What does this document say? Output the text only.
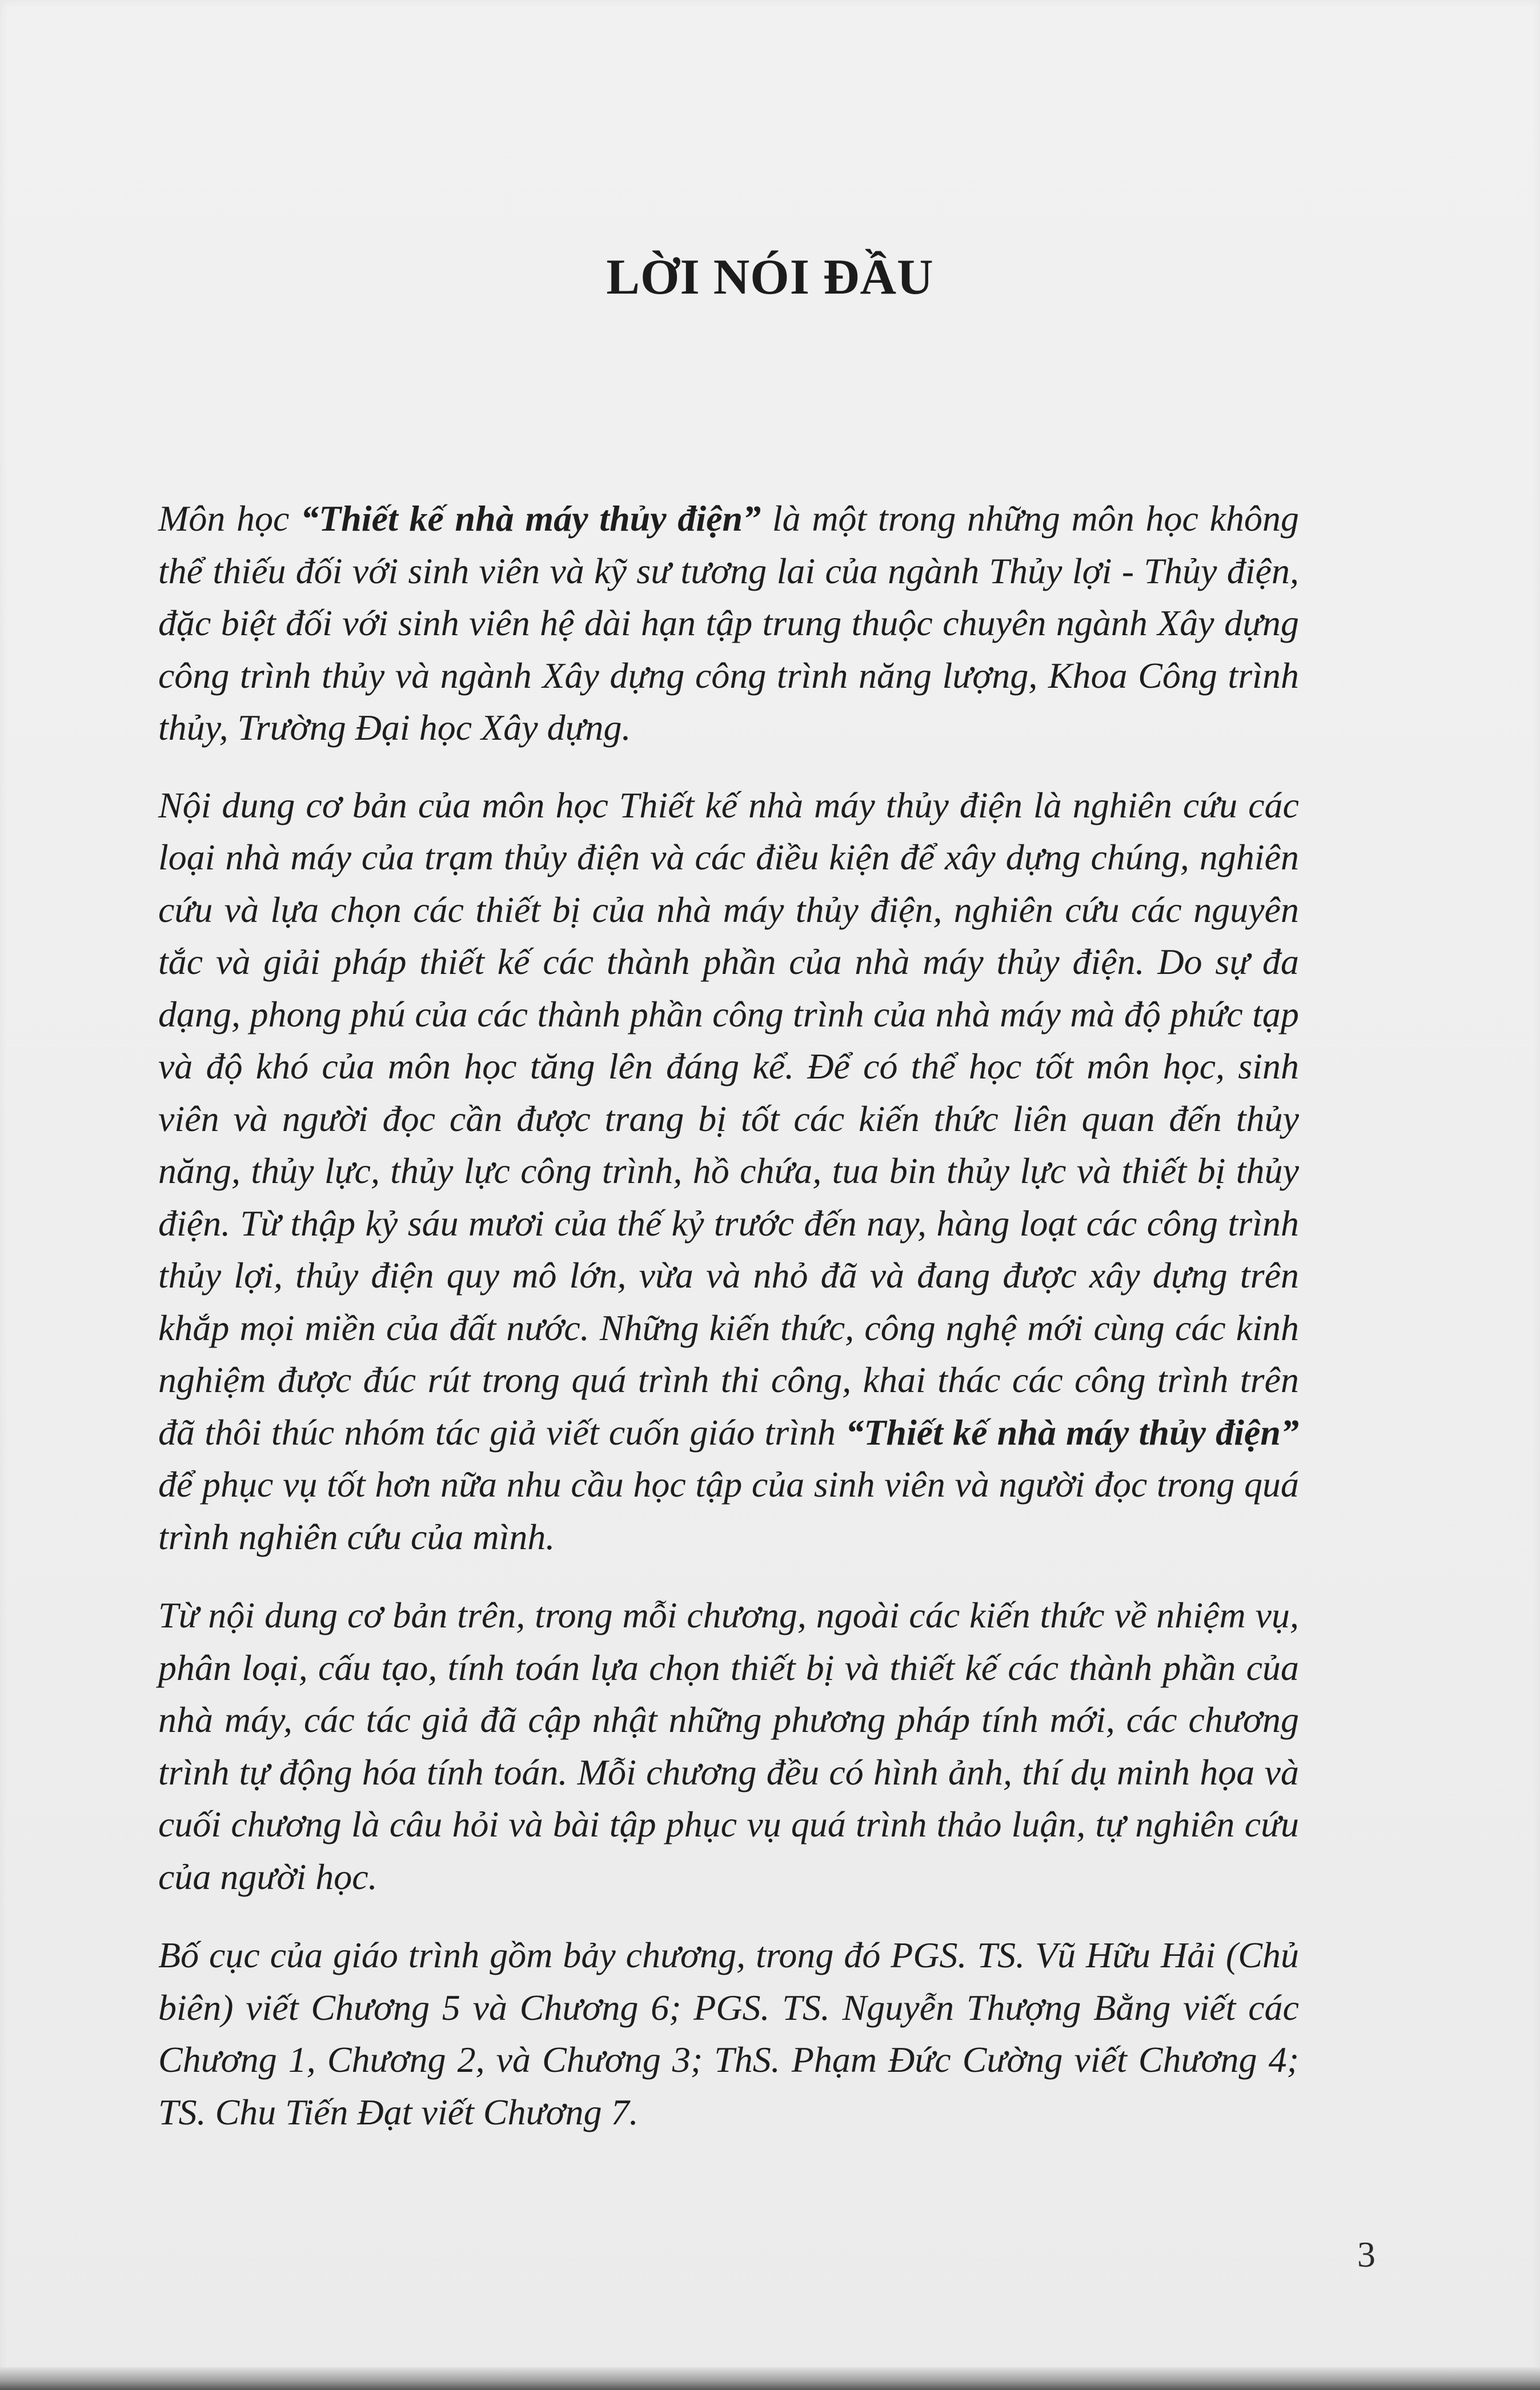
LỜI NÓI ĐẦU

Môn học “Thiết kế nhà máy thủy điện” là một trong những môn học không thể thiếu đối với sinh viên và kỹ sư tương lai của ngành Thủy lợi - Thủy điện, đặc biệt đối với sinh viên hệ dài hạn tập trung thuộc chuyên ngành Xây dựng công trình thủy và ngành Xây dựng công trình năng lượng, Khoa Công trình thủy, Trường Đại học Xây dựng.

Nội dung cơ bản của môn học Thiết kế nhà máy thủy điện là nghiên cứu các loại nhà máy của trạm thủy điện và các điều kiện để xây dựng chúng, nghiên cứu và lựa chọn các thiết bị của nhà máy thủy điện, nghiên cứu các nguyên tắc và giải pháp thiết kế các thành phần của nhà máy thủy điện. Do sự đa dạng, phong phú của các thành phần công trình của nhà máy mà độ phức tạp và độ khó của môn học tăng lên đáng kể. Để có thể học tốt môn học, sinh viên và người đọc cần được trang bị tốt các kiến thức liên quan đến thủy năng, thủy lực, thủy lực công trình, hồ chứa, tua bin thủy lực và thiết bị thủy điện. Từ thập kỷ sáu mươi của thế kỷ trước đến nay, hàng loạt các công trình thủy lợi, thủy điện quy mô lớn, vừa và nhỏ đã và đang được xây dựng trên khắp mọi miền của đất nước. Những kiến thức, công nghệ mới cùng các kinh nghiệm được đúc rút trong quá trình thi công, khai thác các công trình trên đã thôi thúc nhóm tác giả viết cuốn giáo trình “Thiết kế nhà máy thủy điện” để phục vụ tốt hơn nữa nhu cầu học tập của sinh viên và người đọc trong quá trình nghiên cứu của mình.

Từ nội dung cơ bản trên, trong mỗi chương, ngoài các kiến thức về nhiệm vụ, phân loại, cấu tạo, tính toán lựa chọn thiết bị và thiết kế các thành phần của nhà máy, các tác giả đã cập nhật những phương pháp tính mới, các chương trình tự động hóa tính toán. Mỗi chương đều có hình ảnh, thí dụ minh họa và cuối chương là câu hỏi và bài tập phục vụ quá trình thảo luận, tự nghiên cứu của người học.

Bố cục của giáo trình gồm bảy chương, trong đó PGS. TS. Vũ Hữu Hải (Chủ biên) viết Chương 5 và Chương 6; PGS. TS. Nguyễn Thượng Bằng viết các Chương 1, Chương 2, và Chương 3; ThS. Phạm Đức Cường viết Chương 4; TS. Chu Tiến Đạt viết Chương 7.

3
